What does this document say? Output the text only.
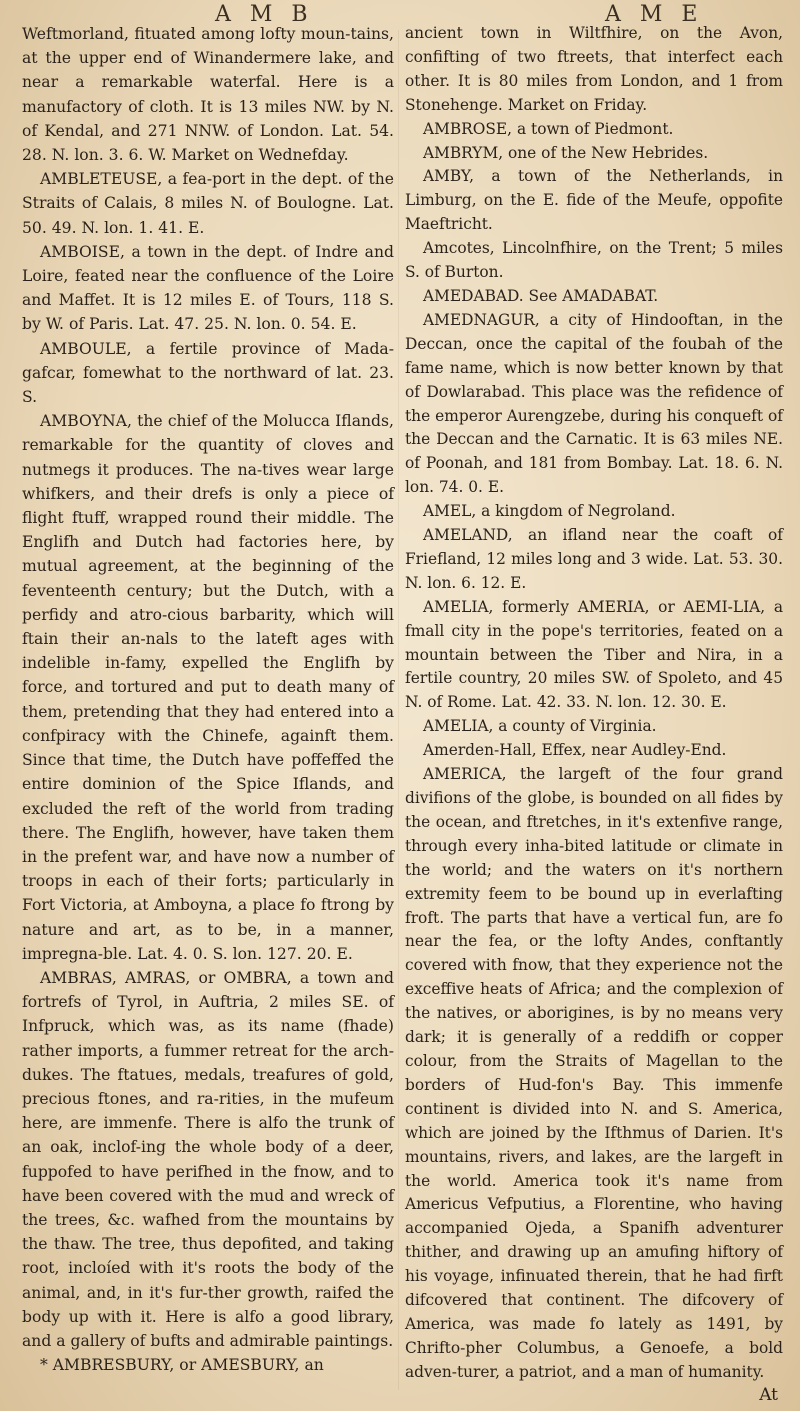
A M B	A M E

Weftmorland, fituated among lofty moun-tains, at the upper end of Winandermere lake, and near a remarkable waterfal. Here is a manufactory of cloth. It is 13 miles NW. by N. of Kendal, and 271 NNW. of London. Lat. 54. 28. N. lon. 3. 6. W. Market on Wednefday.

AMBLETEUSE, a fea-port in the dept. of the Straits of Calais, 8 miles N. of Boulogne. Lat. 50. 49. N. lon. 1. 41. E.

AMBOISE, a town in the dept. of Indre and Loire, feated near the confluence of the Loire and Maffet. It is 12 miles E. of Tours, 118 S. by W. of Paris. Lat. 47. 25. N. lon. 0. 54. E.

AMBOULE, a fertile province of Mada-gafcar, fomewhat to the northward of lat. 23. S.

AMBOYNA, the chief of the Molucca Iflands, remarkable for the quantity of cloves and nutmegs it produces. The na-tives wear large whifkers, and their drefs is only a piece of flight ftuff, wrapped round their middle. The Englifh and Dutch had factories here, by mutual agreement, at the beginning of the feventeenth century; but the Dutch, with a perfidy and atro-cious barbarity, which will ftain their an-nals to the lateft ages with indelible in-famy, expelled the Englifh by force, and tortured and put to death many of them, pretending that they had entered into a confpiracy with the Chinefe, againft them. Since that time, the Dutch have poffeffed the entire dominion of the Spice Iflands, and excluded the reft of the world from trading there. The Englifh, however, have taken them in the prefent war, and have now a number of troops in each of their forts; particularly in Fort Victoria, at Amboyna, a place fo ftrong by nature and art, as to be, in a manner, impregna-ble. Lat. 4. 0. S. lon. 127. 20. E.

AMBRAS, AMRAS, or OMBRA, a town and fortrefs of Tyrol, in Auftria, 2 miles SE. of Infpruck, which was, as its name (fhade) rather imports, a fummer retreat for the arch-dukes. The ftatues, medals, treafures of gold, precious ftones, and ra-rities, in the mufeum here, are immenfe. There is alfo the trunk of an oak, inclof-ing the whole body of a deer, fuppofed to have perifhed in the fnow, and to have been covered with the mud and wreck of the trees, &c. wafhed from the mountains by the thaw. The tree, thus depofited, and taking root, incloíed with it's roots the body of the animal, and, in it's fur-ther growth, raifed the body up with it. Here is alfo a good library, and a gallery of bufts and admirable paintings.

* AMBRESBURY, or AMESBURY, an

ancient town in Wiltfhire, on the Avon, confifting of two ftreets, that interfect each other. It is 80 miles from London, and 1 from Stonehenge. Market on Friday.

AMBROSE, a town of Piedmont.

AMBRYM, one of the New Hebrides.

AMBY, a town of the Netherlands, in Limburg, on the E. fide of the Meufe, oppofite Maeftricht.

Amcotes, Lincolnfhire, on the Trent; 5 miles S. of Burton.

AMEDABAD. See AMADABAT.

AMEDNAGUR, a city of Hindooftan, in the Deccan, once the capital of the foubah of the fame name, which is now better known by that of Dowlarabad. This place was the refidence of the emperor Aurengzebe, during his conqueft of the Deccan and the Carnatic. It is 63 miles NE. of Poonah, and 181 from Bombay. Lat. 18. 6. N. lon. 74. 0. E.

AMEL, a kingdom of Negroland.

AMELAND, an ifland near the coaft of Friefland, 12 miles long and 3 wide. Lat. 53. 30. N. lon. 6. 12. E.

AMELIA, formerly AMERIA, or AEMI-LIA, a fmall city in the pope's territories, feated on a mountain between the Tiber and Nira, in a fertile country, 20 miles SW. of Spoleto, and 45 N. of Rome. Lat. 42. 33. N. lon. 12. 30. E.

AMELIA, a county of Virginia.

Amerden-Hall, Effex, near Audley-End.

AMERICA, the largeft of the four grand divifions of the globe, is bounded on all fides by the ocean, and ftretches, in it's extenfive range, through every inha-bited latitude or climate in the world; and the waters on it's northern extremity feem to be bound up in everlafting froft. The parts that have a vertical fun, are fo near the fea, or the lofty Andes, conftantly covered with fnow, that they experience not the exceffive heats of Africa; and the complexion of the natives, or aborigines, is by no means very dark; it is generally of a reddifh or copper colour, from the Straits of Magellan to the borders of Hud-fon's Bay. This immenfe continent is divided into N. and S. America, which are joined by the Ifthmus of Darien. It's mountains, rivers, and lakes, are the largeft in the world. America took it's name from Americus Vefputius, a Florentine, who having accompanied Ojeda, a Spanifh adventurer thither, and drawing up an amufing hiftory of his voyage, infinuated therein, that he had firft difcovered that continent. The difcovery of America, was made fo lately as 1491, by Chrifto-pher Columbus, a Genoefe, a bold adven-turer, a patriot, and a man of humanity.

At
